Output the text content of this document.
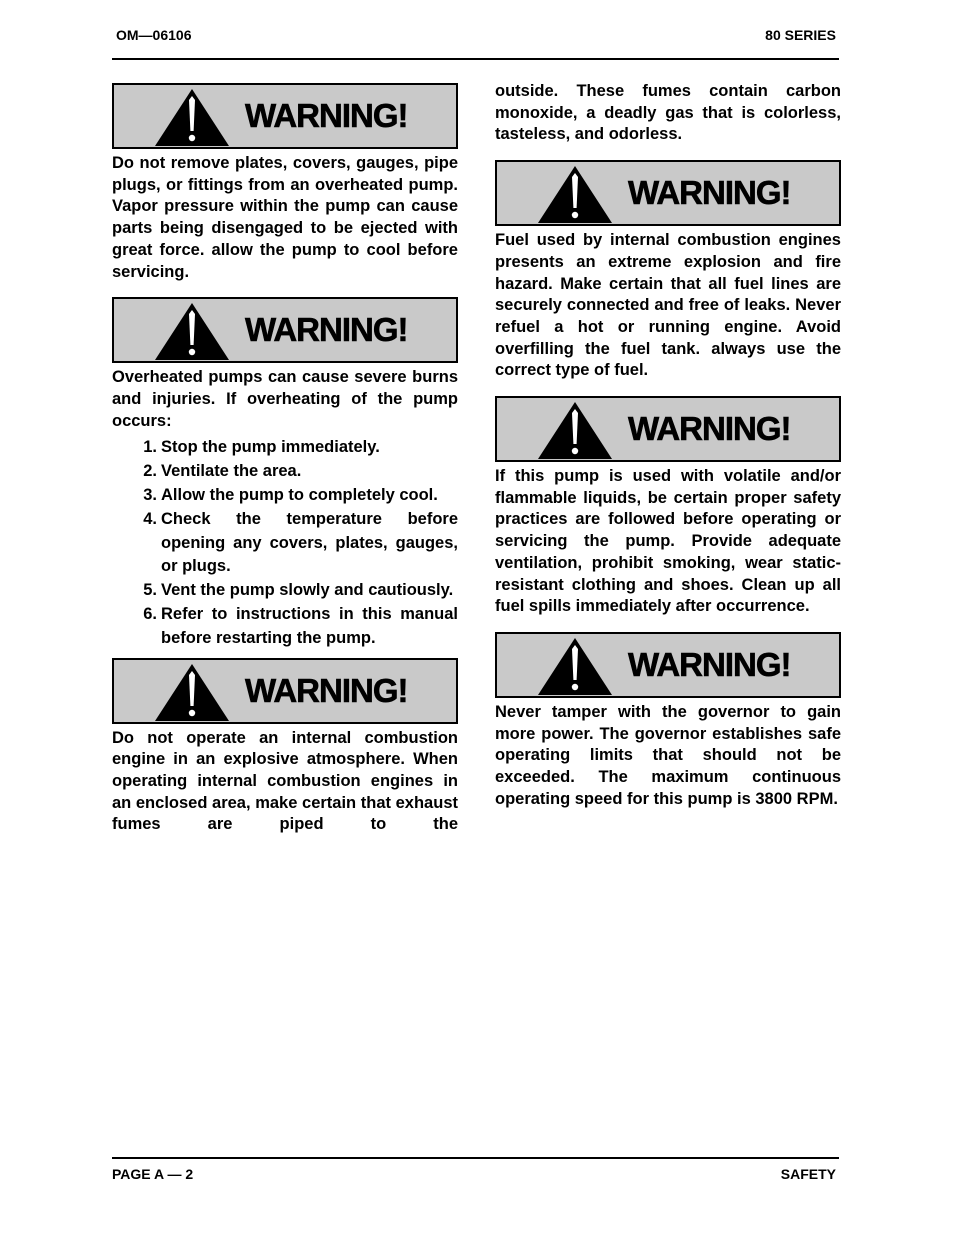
OM—06106	80 SERIES

WARNING!

Do not remove plates, covers, gauges, pipe plugs, or fittings from an overheated pump. Vapor pressure within the pump can cause parts being disengaged to be ejected with great force. allow the pump to cool before servicing.

WARNING!

Overheated pumps can cause severe burns and injuries. If overheating of the pump occurs:

1. Stop the pump immediately.
2. Ventilate the area.
3. Allow the pump to completely cool.
4. Check the temperature before opening any covers, plates, gauges, or plugs.
5. Vent the pump slowly and cautiously.
6. Refer to instructions in this manual before restarting the pump.

WARNING!

Do not operate an internal combustion engine in an explosive atmosphere. When operating internal combustion engines in an enclosed area, make certain that exhaust fumes are piped to the

outside. These fumes contain carbon monoxide, a deadly gas that is colorless, tasteless, and odorless.

WARNING!

Fuel used by internal combustion engines presents an extreme explosion and fire hazard. Make certain that all fuel lines are securely connected and free of leaks. Never refuel a hot or running engine. Avoid overfilling the fuel tank. always use the correct type of fuel.

WARNING!

If this pump is used with volatile and/or flammable liquids, be certain proper safety practices are followed before operating or servicing the pump. Provide adequate ventilation, prohibit smoking, wear static-resistant clothing and shoes. Clean up all fuel spills immediately after occurrence.

WARNING!

Never tamper with the governor to gain more power. The governor establishes safe operating limits that should not be exceeded. The maximum continuous operating speed for this pump is 3800 RPM.

PAGE A — 2	SAFETY
